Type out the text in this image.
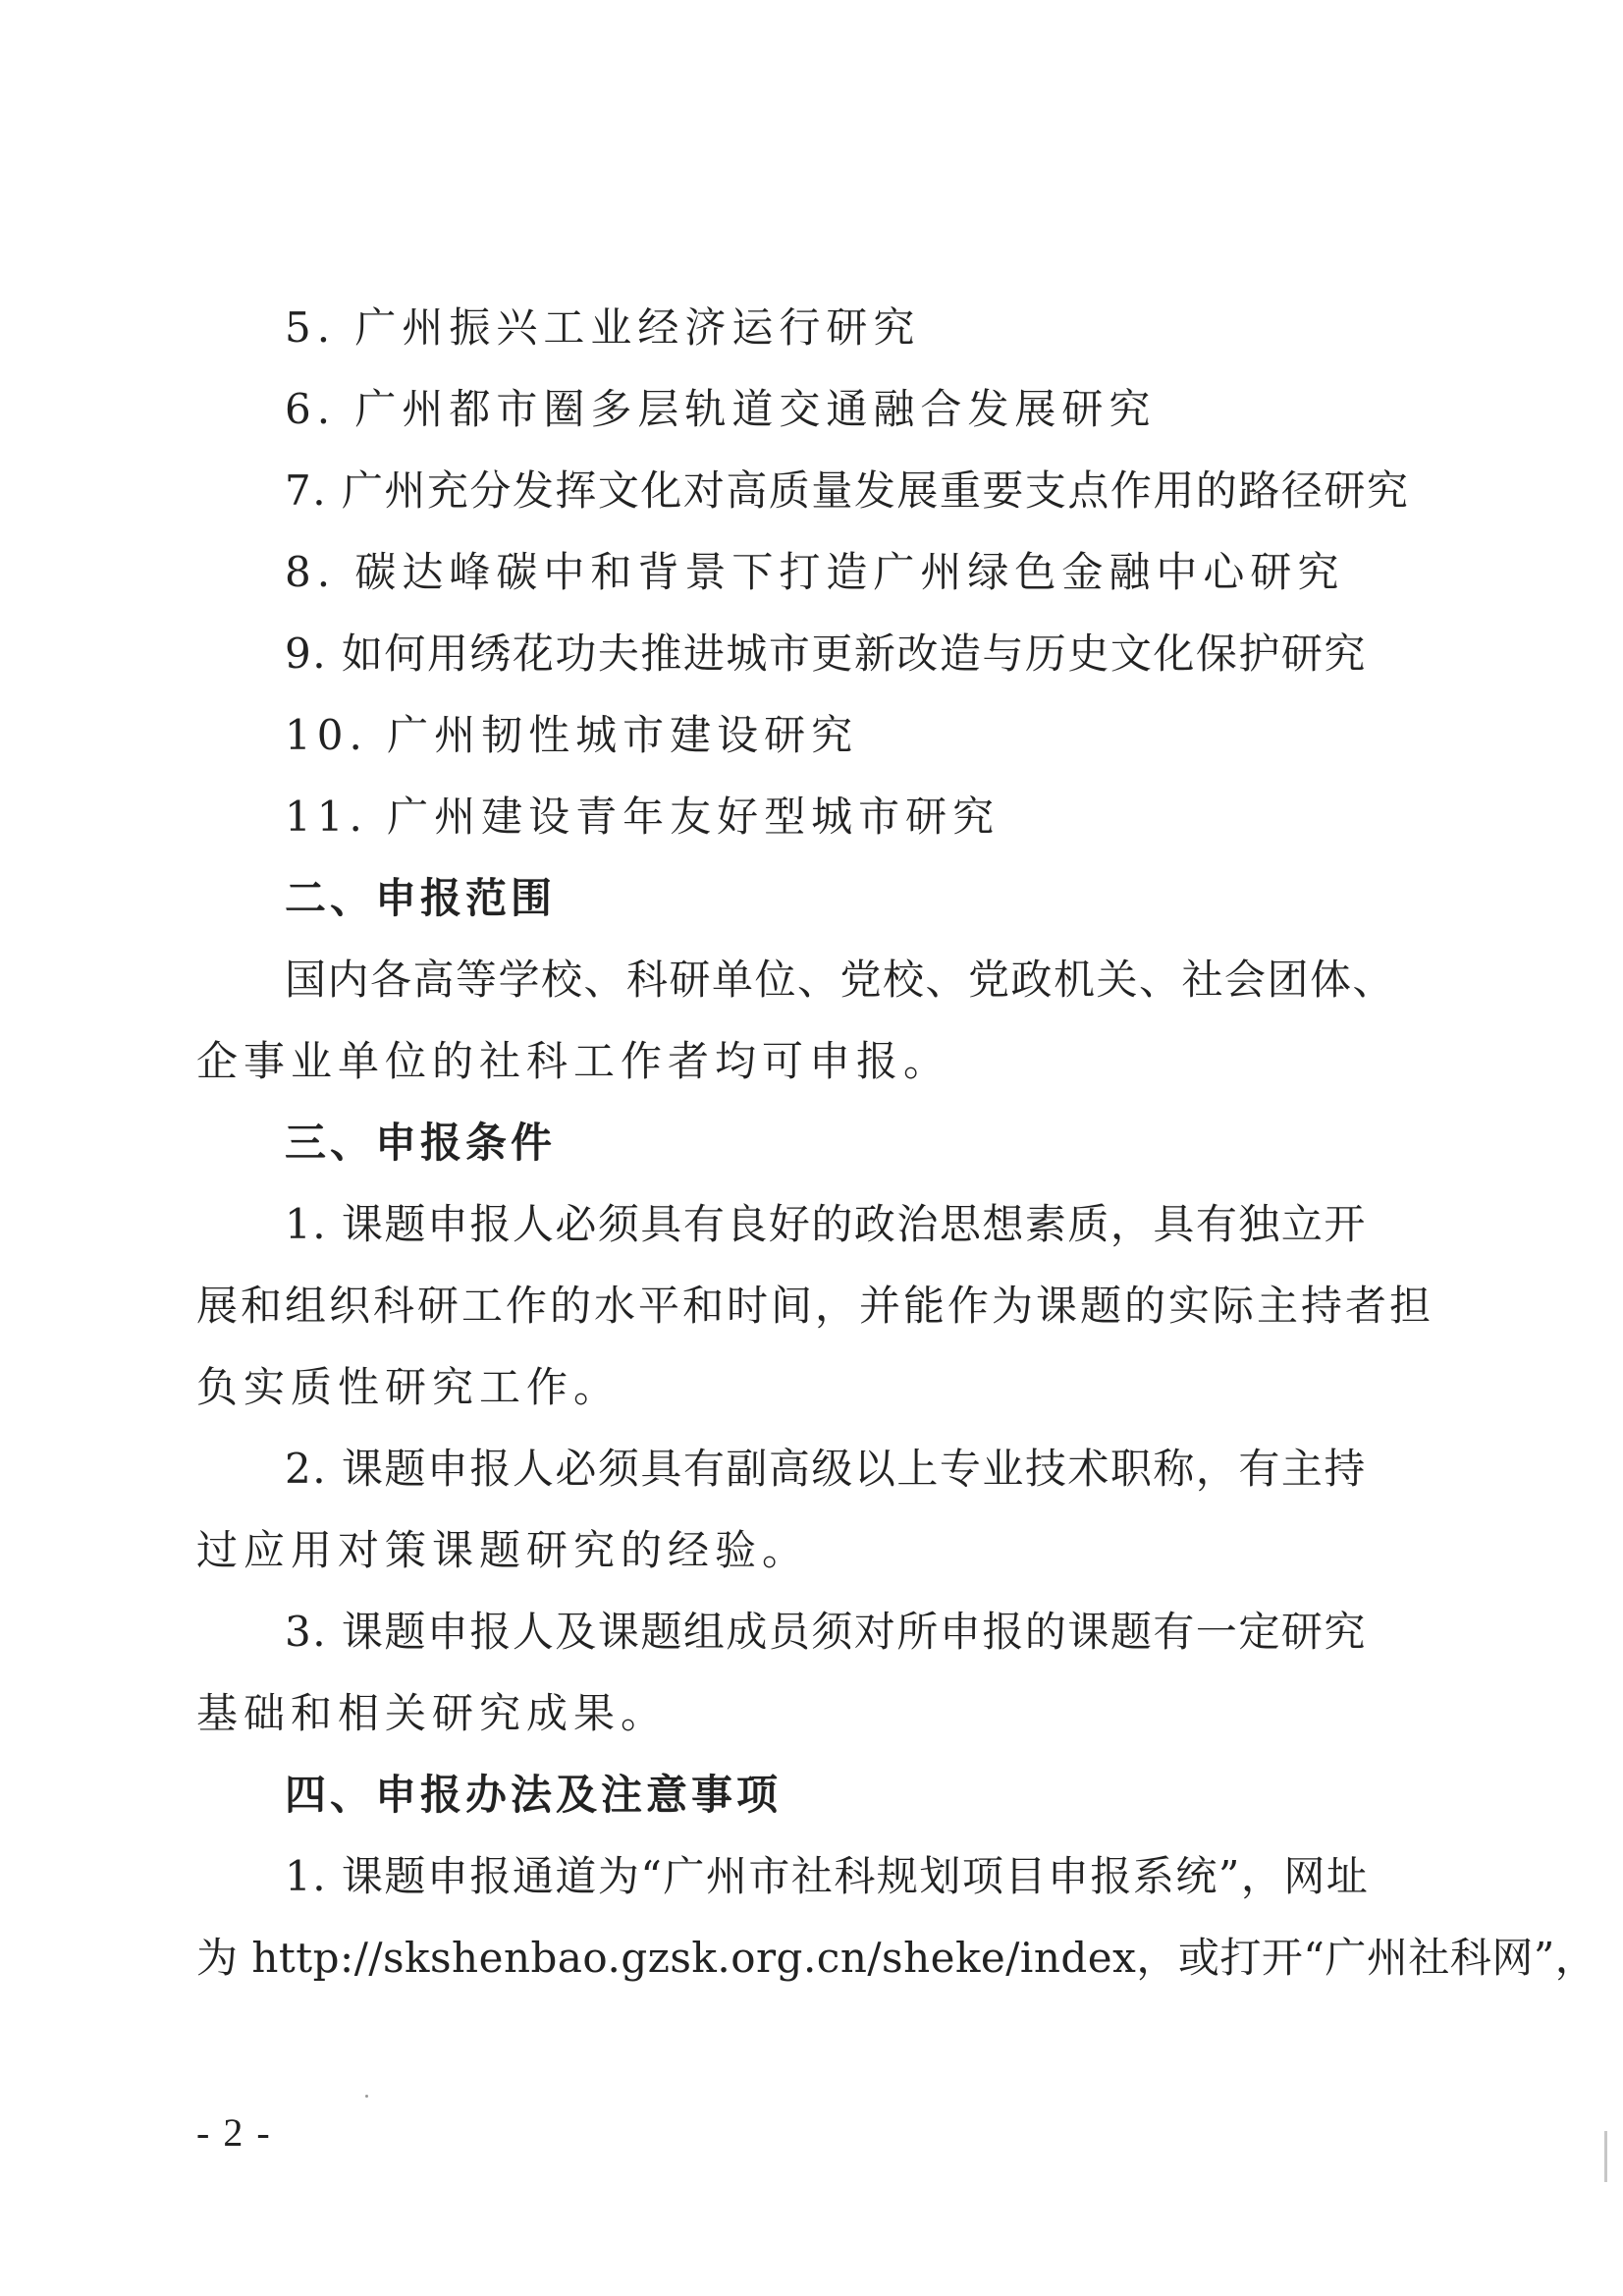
5. 广州振兴工业经济运行研究
6. 广州都市圈多层轨道交通融合发展研究
7. 广州充分发挥文化对高质量发展重要支点作用的路径研究
8. 碳达峰碳中和背景下打造广州绿色金融中心研究
9. 如何用绣花功夫推进城市更新改造与历史文化保护研究
10. 广州韧性城市建设研究
11. 广州建设青年友好型城市研究
二、申报范围
国内各高等学校、科研单位、党校、党政机关、社会团体、
企事业单位的社科工作者均可申报。
三、申报条件
1. 课题申报人必须具有良好的政治思想素质，具有独立开
展和组织科研工作的水平和时间，并能作为课题的实际主持者担
负实质性研究工作。
2. 课题申报人必须具有副高级以上专业技术职称，有主持
过应用对策课题研究的经验。
3. 课题申报人及课题组成员须对所申报的课题有一定研究
基础和相关研究成果。
四、申报办法及注意事项
1. 课题申报通道为“广州市社科规划项目申报系统”，网址
为 http://skshenbao.gzsk.org.cn/sheke/index，或打开“广州社科网”，
- 2 -
